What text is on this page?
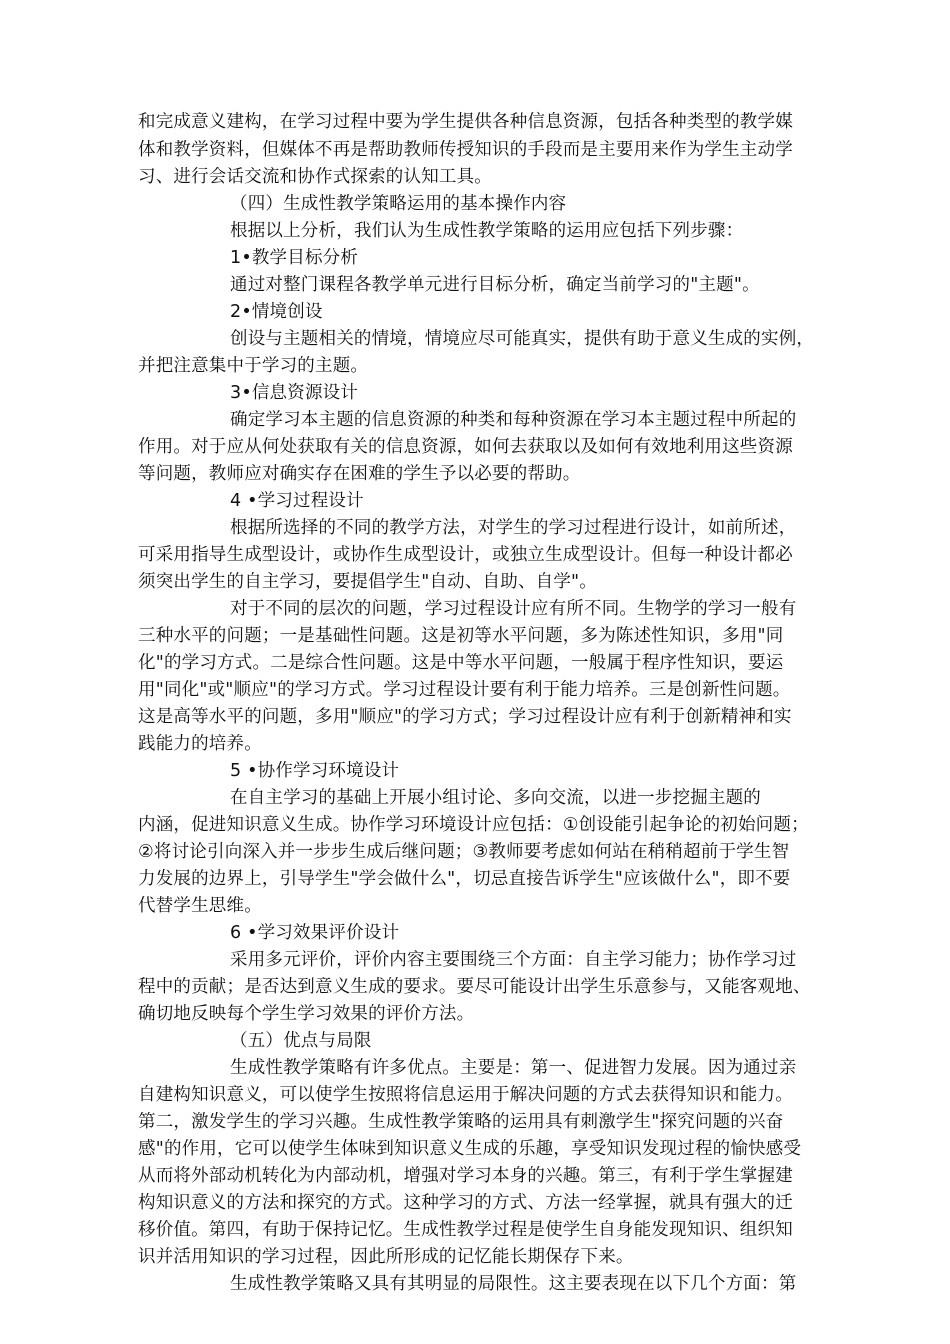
和完成意义建构，在学习过程中要为学生提供各种信息资源，包括各种类型的教学媒
体和教学资料，但媒体不再是帮助教师传授知识的手段而是主要用来作为学生主动学
习、进行会话交流和协作式探索的认知工具。
（四）生成性教学策略运用的基本操作内容
根据以上分析，我们认为生成性教学策略的运用应包括下列步骤：
1•教学目标分析
通过对整门课程各教学单元进行目标分析，确定当前学习的"主题"。
2•情境创设
创设与主题相关的情境，情境应尽可能真实，提供有助于意义生成的实例，
并把注意集中于学习的主题。
3•信息资源设计
确定学习本主题的信息资源的种类和每种资源在学习本主题过程中所起的
作用。对于应从何处获取有关的信息资源，如何去获取以及如何有效地利用这些资源
等问题，教师应对确实存在困难的学生予以必要的帮助。
4 •学习过程设计
根据所选择的不同的教学方法，对学生的学习过程进行设计，如前所述，
可采用指导生成型设计，或协作生成型设计，或独立生成型设计。但每一种设计都必
须突出学生的自主学习，要提倡学生"自动、自助、自学"。
对于不同的层次的问题，学习过程设计应有所不同。生物学的学习一般有
三种水平的问题；一是基础性问题。这是初等水平问题，多为陈述性知识，多用"同
化"的学习方式。二是综合性问题。这是中等水平问题，一般属于程序性知识，要运
用"同化"或"顺应"的学习方式。学习过程设计要有利于能力培养。三是创新性问题。
这是高等水平的问题，多用"顺应"的学习方式；学习过程设计应有利于创新精神和实
践能力的培养。
5 •协作学习环境设计
在自主学习的基础上开展小组讨论、多向交流，以进一步挖掘主题的
内涵，促进知识意义生成。协作学习环境设计应包括：①创设能引起争论的初始问题；
②将讨论引向深入并一步步生成后继问题；③教师要考虑如何站在稍稍超前于学生智
力发展的边界上，引导学生"学会做什么"，切忌直接告诉学生"应该做什么"，即不要
代替学生思维。
6 •学习效果评价设计
采用多元评价，评价内容主要围绕三个方面：自主学习能力；协作学习过
程中的贡献；是否达到意义生成的要求。要尽可能设计出学生乐意参与，又能客观地、
确切地反映每个学生学习效果的评价方法。
（五）优点与局限
生成性教学策略有许多优点。主要是：第一、促进智力发展。因为通过亲
自建构知识意义，可以使学生按照将信息运用于解决问题的方式去获得知识和能力。
第二，激发学生的学习兴趣。生成性教学策略的运用具有刺激学生"探究问题的兴奋
感"的作用，它可以使学生体味到知识意义生成的乐趣，享受知识发现过程的愉快感受
从而将外部动机转化为内部动机，增强对学习本身的兴趣。第三，有利于学生掌握建
构知识意义的方法和探究的方式。这种学习的方式、方法一经掌握，就具有强大的迁
移价值。第四，有助于保持记忆。生成性教学过程是使学生自身能发现知识、组织知
识并活用知识的学习过程，因此所形成的记忆能长期保存下来。
生成性教学策略又具有其明显的局限性。这主要表现在以下几个方面：第
